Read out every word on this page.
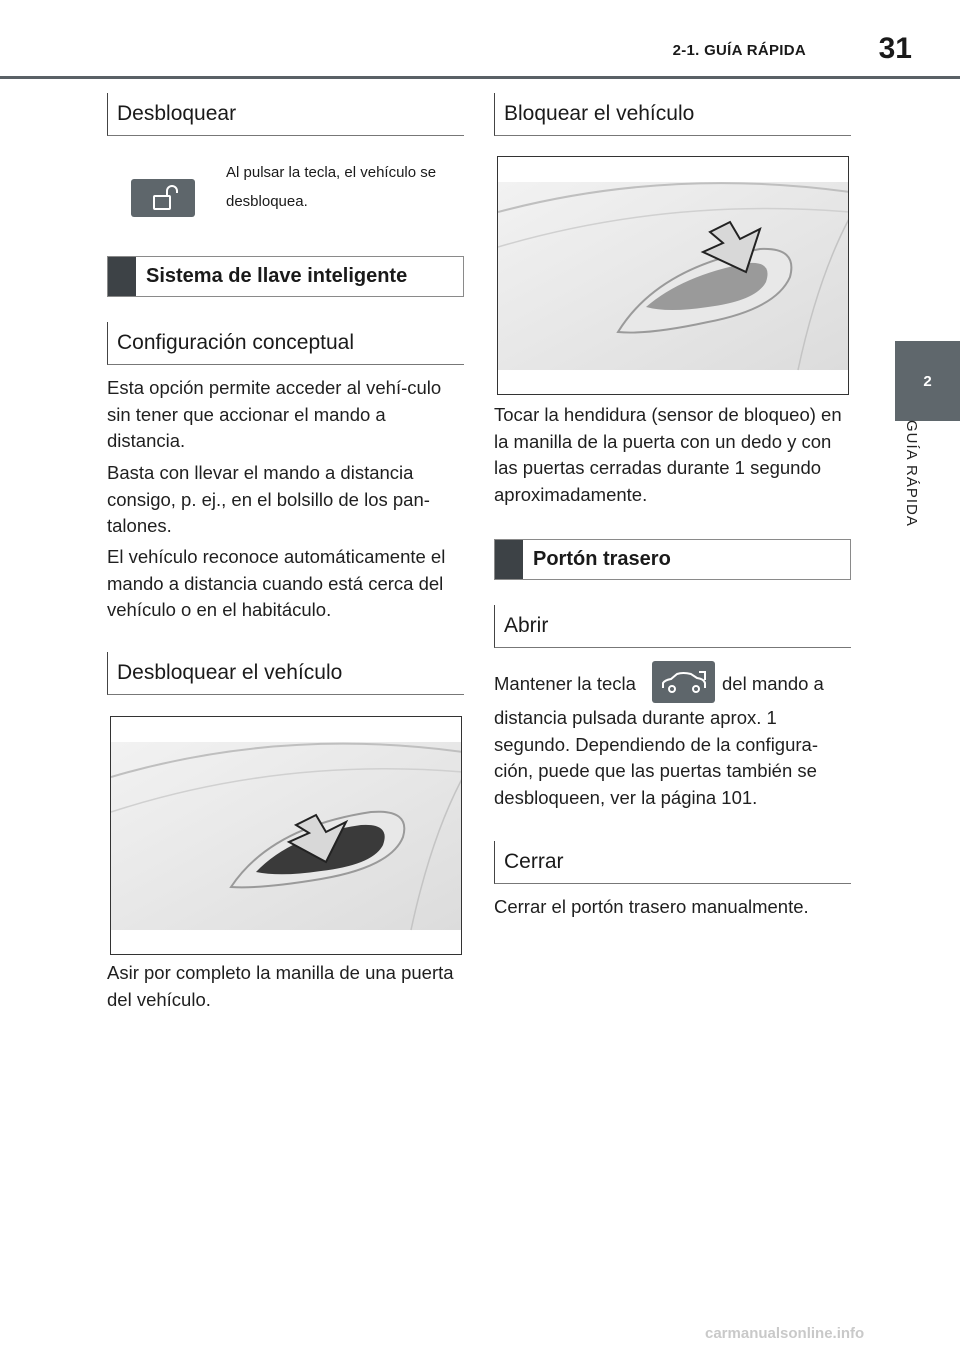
2-1. GUÍA RÁPIDA	31
2
GUÍA RÁPIDA
Desbloquear
Al pulsar la tecla, el vehículo se desbloquea.
Sistema de llave inteligente
Configuración conceptual
Esta opción permite acceder al vehí-culo sin tener que accionar el mando a distancia.
Basta con llevar el mando a distancia consigo, p. ej., en el bolsillo de los pan-talones.
El vehículo reconoce automáticamente el mando a distancia cuando está cerca del vehículo o en el habitáculo.
Desbloquear el vehículo
Asir por completo la manilla de una puerta del vehículo.
Bloquear el vehículo
Tocar la hendidura (sensor de bloqueo) en la manilla de la puerta con un dedo y con las puertas cerradas durante 1 segundo aproximadamente.
Portón trasero
Abrir
Mantener la tecla	del mando a
distancia pulsada durante aprox. 1 segundo. Dependiendo de la configura-ción, puede que las puertas también se desbloqueen, ver la página 101.
Cerrar
Cerrar el portón trasero manualmente.
carmanualsonline.info
